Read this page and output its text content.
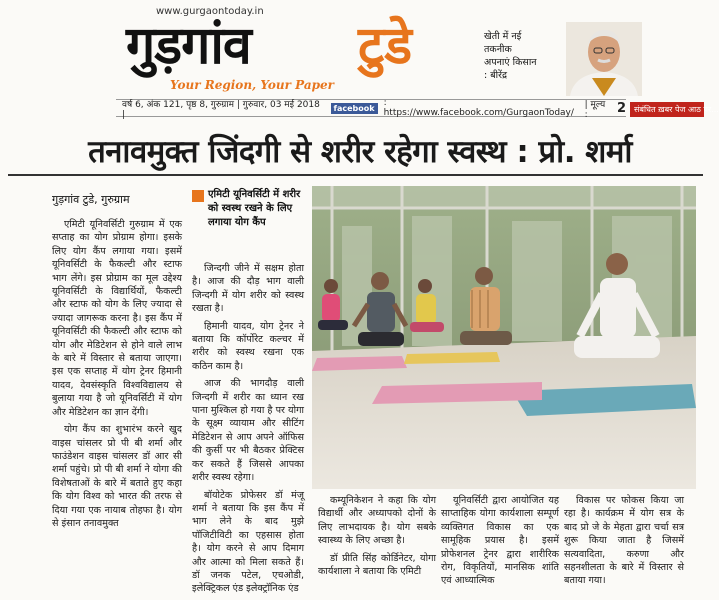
www.gurgaontoday.in
गुड़गांव टुडे
Your Region, Your Paper
वर्ष 6, अंक 121, पृष्ठ 8, गुरुग्राम | गुरुवार, 03 मई 2018 |
facebook	: https://www.facebook.com/GurgaonToday/
| मूल्य :	2
खेती में नई
तकनीक
अपनाएं किसान
: बीरेंद्र
संबंधित ख़बर पेज आठ पर...
तनावमुक्त जिंदगी से शरीर रहेगा स्वस्थ : प्रो. शर्मा
गुड़गांव टुडे, गुरुग्राम

एमिटी यूनिवर्सिटी गुरुग्राम में एक सप्ताह का योग प्रोग्राम होगा। इसके लिए योग कैंप लगाया गया। इसमें यूनिवर्सिटी के फैकल्टी और स्टाफ भाग लेंगे। इस प्रोग्राम का मूल उद्देश्य यूनिवर्सिटी के विद्यार्थियों, फैकल्टी और स्टाफ को योग के लिए ज्यादा से ज्यादा जागरूक करना है। इस कैंप में यूनिवर्सिटी की फैकल्टी और स्टाफ को योग और मेडिटेशन से होने वाले लाभ के बारे में विस्तार से बताया जाएगा। इस एक सप्ताह में योग ट्रेनर हिमानी यादव, देवसंस्कृति विश्वविद्यालय से बुलाया गया है जो यूनिवर्सिटी में योग और मेडिटेशन का ज्ञान देंगी।

योग कैंप का शुभारंभ करने खुद वाइस चांसलर प्रो पी बी शर्मा और फाउंडेशन वाइस चांसलर डॉ आर सी शर्मा पहुंचे। प्रो पी बी शर्मा ने योगा की विशेषताओं के बारे में बताते हुए कहा कि योग विश्व को भारत की तरफ से दिया गया एक नायाब तोहफा है। योग से इंसान तनावमुक्त

एमिटी यूनिवर्सिटी में शरीर को स्वस्थ रखने के लिए लगाया योग कैंप

जिन्दगी जीने में सक्षम होता है। आज की दौड़ भाग वाली जिन्दगी में योग शरीर को स्वस्थ रखता है।

हिमानी यादव, योग ट्रेनर ने बताया कि कॉर्पोरेट कल्चर में शरीर को स्वस्थ रखना एक कठिन काम है।

आज की भागदौड़ वाली जिन्दगी में शरीर का ध्यान रख पाना मुश्किल हो गया है पर योगा के सूक्ष्म व्यायाम और सीटिंग मेडिटेशन से आप अपने ऑफिस की कुर्सी पर भी बैठकर प्रेक्टिस कर सकते हैं जिससे आपका शरीर स्वस्थ रहेगा।

बॉयोटेक प्रोफेसर डॉ मंजू शर्मा ने बताया कि इस कैंप में भाग लेने के बाद मुझे पॉजिटीविटी का एहसास होता है। योग करने से आप दिमाग और आत्मा को मिला सकते हैं। डॉ जनक पटेल, एचओडी, इलेक्ट्रिकल एंड इलेक्ट्रॉनिक एंड

कम्यूनिकेशन ने कहा कि योग विद्यार्थी और अध्यापको दोनों के लिए लाभदायक है। योग सबके स्वास्थ्य के लिए अच्छा है।

डॉ प्रीति सिंह कोर्डिनेटर, योगा कार्यशाला ने बताया कि एमिटी

यूनिवर्सिटी द्वारा आयोजित यह साप्ताहिक योगा कार्यशाला सम्पूर्ण व्यक्तिगत विकास का एक सामूहिक प्रयास है। इसमें प्रोफेशनल ट्रेनर द्वारा शारीरिक रोग, विकृतियों, मानसिक शांति एवं आध्यात्मिक

विकास पर फोकस किया जा रहा है। कार्यक्रम में योग सत्र के बाद प्रो जे के मेहता द्वारा चर्चा सत्र शुरू किया जाता है जिसमें सत्यवादिता, करुणा और सहनशीलता के बारे में विस्तार से बताया गया।
